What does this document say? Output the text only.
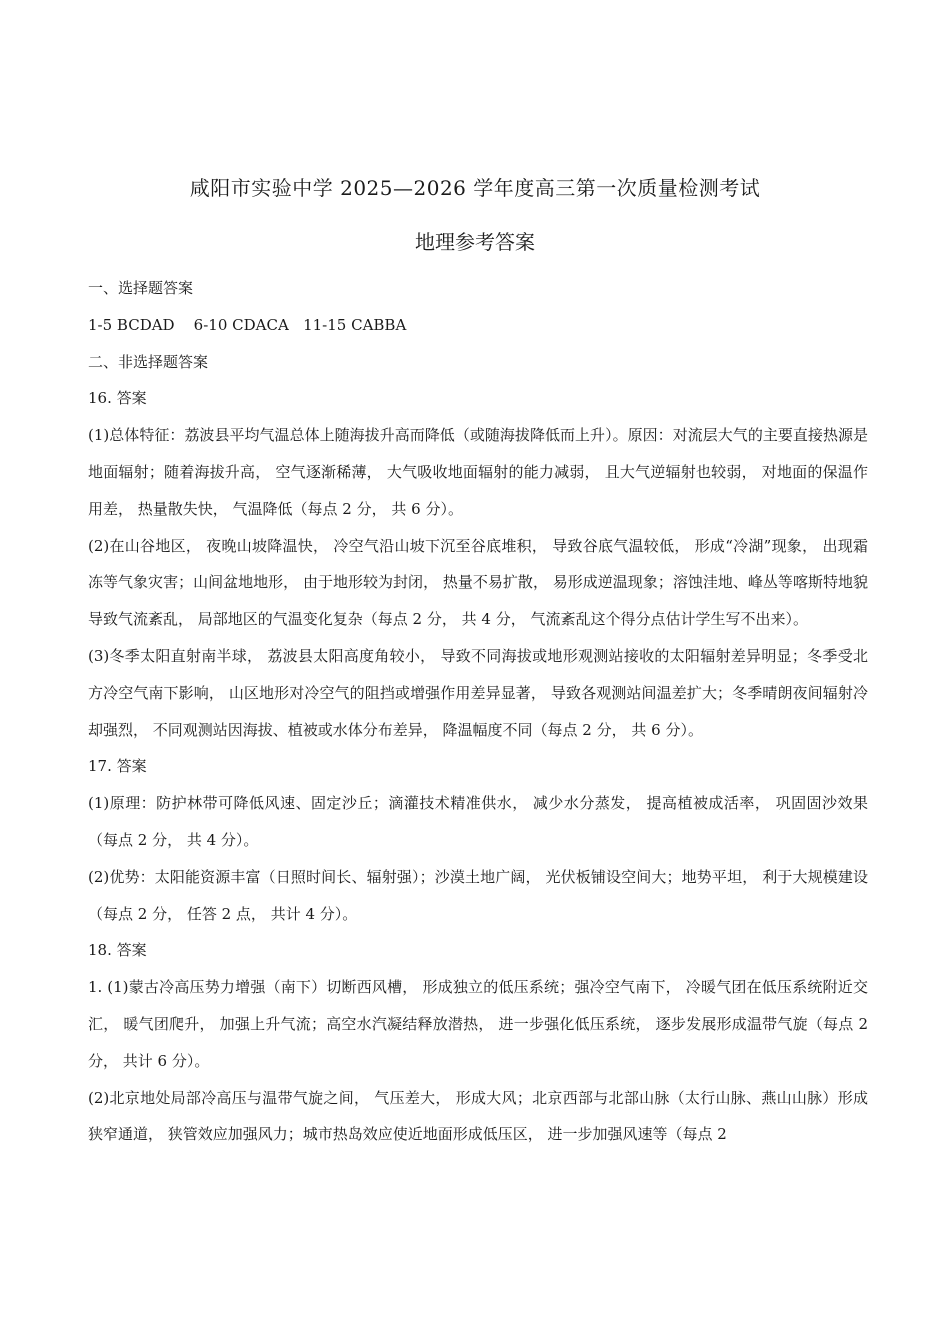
咸阳市实验中学 2025—2026 学年度高三第一次质量检测考试
地理参考答案

一、选择题答案

1-5 BCDAD    6-10 CDACA   11-15 CABBA

二、非选择题答案

16. 答案

(1)总体特征：荔波县平均气温总体上随海拔升高而降低（或随海拔降低而上升）。原因：对流层大气的主要直接热源是地面辐射；随着海拔升高， 空气逐渐稀薄， 大气吸收地面辐射的能力减弱， 且大气逆辐射也较弱， 对地面的保温作用差， 热量散失快， 气温降低（每点 2 分， 共 6 分）。

(2)在山谷地区， 夜晚山坡降温快， 冷空气沿山坡下沉至谷底堆积， 导致谷底气温较低， 形成“冷湖”现象， 出现霜冻等气象灾害；山间盆地地形， 由于地形较为封闭， 热量不易扩散， 易形成逆温现象；溶蚀洼地、峰丛等喀斯特地貌导致气流紊乱， 局部地区的气温变化复杂（每点 2 分， 共 4 分， 气流紊乱这个得分点估计学生写不出来）。

(3)冬季太阳直射南半球， 荔波县太阳高度角较小， 导致不同海拔或地形观测站接收的太阳辐射差异明显；冬季受北方冷空气南下影响， 山区地形对冷空气的阻挡或增强作用差异显著， 导致各观测站间温差扩大；冬季晴朗夜间辐射冷却强烈， 不同观测站因海拔、植被或水体分布差异， 降温幅度不同（每点 2 分， 共 6 分）。

17. 答案

(1)原理：防护林带可降低风速、固定沙丘；滴灌技术精准供水， 减少水分蒸发， 提高植被成活率， 巩固固沙效果（每点 2 分， 共 4 分）。

(2)优势：太阳能资源丰富（日照时间长、辐射强）；沙漠土地广阔， 光伏板铺设空间大；地势平坦， 利于大规模建设（每点 2 分， 任答 2 点， 共计 4 分）。

18. 答案

1. (1)蒙古冷高压势力增强（南下）切断西风槽， 形成独立的低压系统；强冷空气南下， 冷暖气团在低压系统附近交汇， 暖气团爬升， 加强上升气流；高空水汽凝结释放潜热， 进一步强化低压系统， 逐步发展形成温带气旋（每点 2 分， 共计 6 分）。

(2)北京地处局部冷高压与温带气旋之间， 气压差大， 形成大风；北京西部与北部山脉（太行山脉、燕山山脉）形成狭窄通道， 狭管效应加强风力；城市热岛效应使近地面形成低压区， 进一步加强风速等（每点 2
